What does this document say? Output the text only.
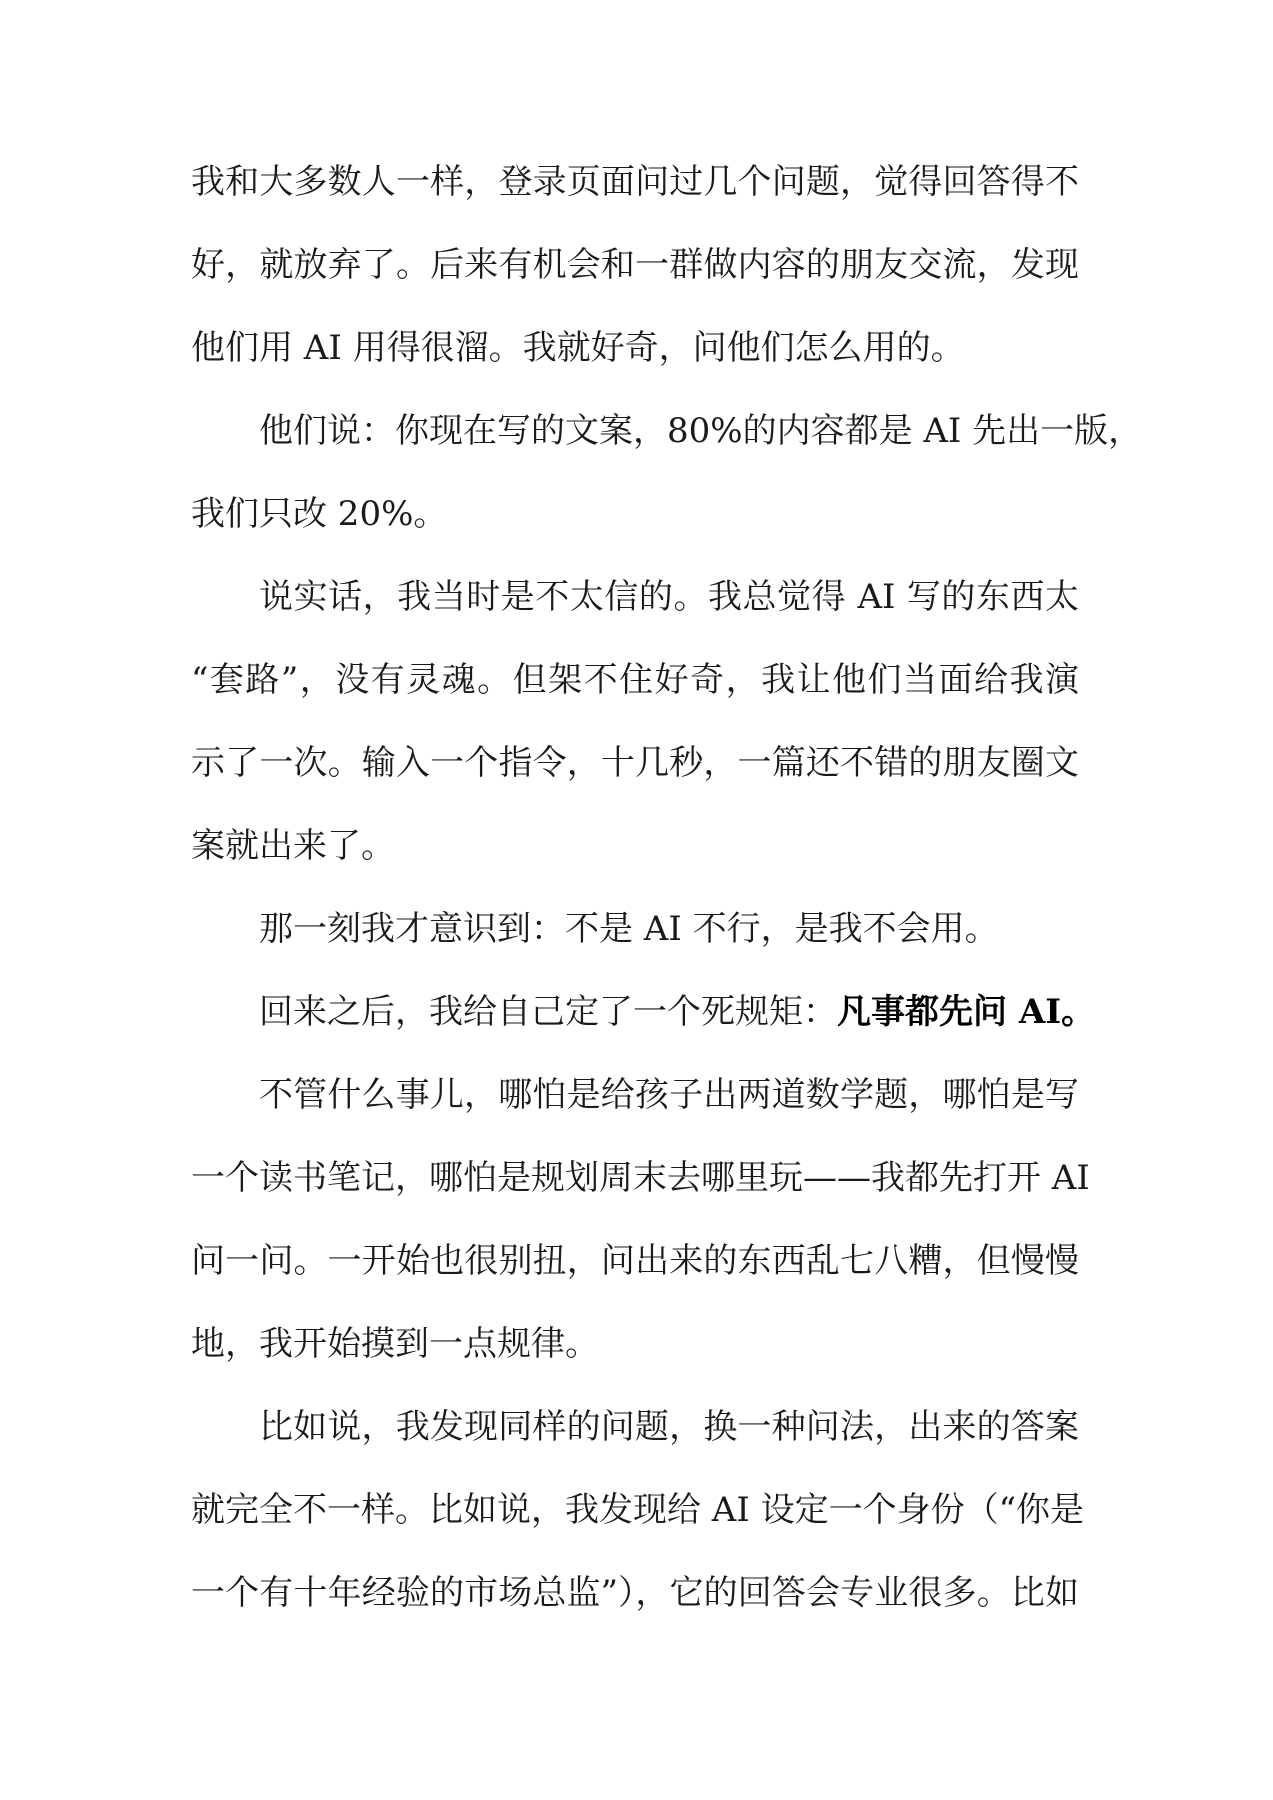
我和大多数人一样，登录页面问过几个问题，觉得回答得不
好，就放弃了。后来有机会和一群做内容的朋友交流，发现
他们用 AI 用得很溜。我就好奇，问他们怎么用的。
他们说：你现在写的文案，80%的内容都是 AI 先出一版，
我们只改 20%。
说实话，我当时是不太信的。我总觉得 AI 写的东西太
“套路”，没有灵魂。但架不住好奇，我让他们当面给我演
示了一次。输入一个指令，十几秒，一篇还不错的朋友圈文
案就出来了。
那一刻我才意识到：不是 AI 不行，是我不会用。
回来之后，我给自己定了一个死规矩：凡事都先问 AI。
不管什么事儿，哪怕是给孩子出两道数学题，哪怕是写
一个读书笔记，哪怕是规划周末去哪里玩——我都先打开 AI
问一问。一开始也很别扭，问出来的东西乱七八糟，但慢慢
地，我开始摸到一点规律。
比如说，我发现同样的问题，换一种问法，出来的答案
就完全不一样。比如说，我发现给 AI 设定一个身份（“你是
一个有十年经验的市场总监”），它的回答会专业很多。比如
